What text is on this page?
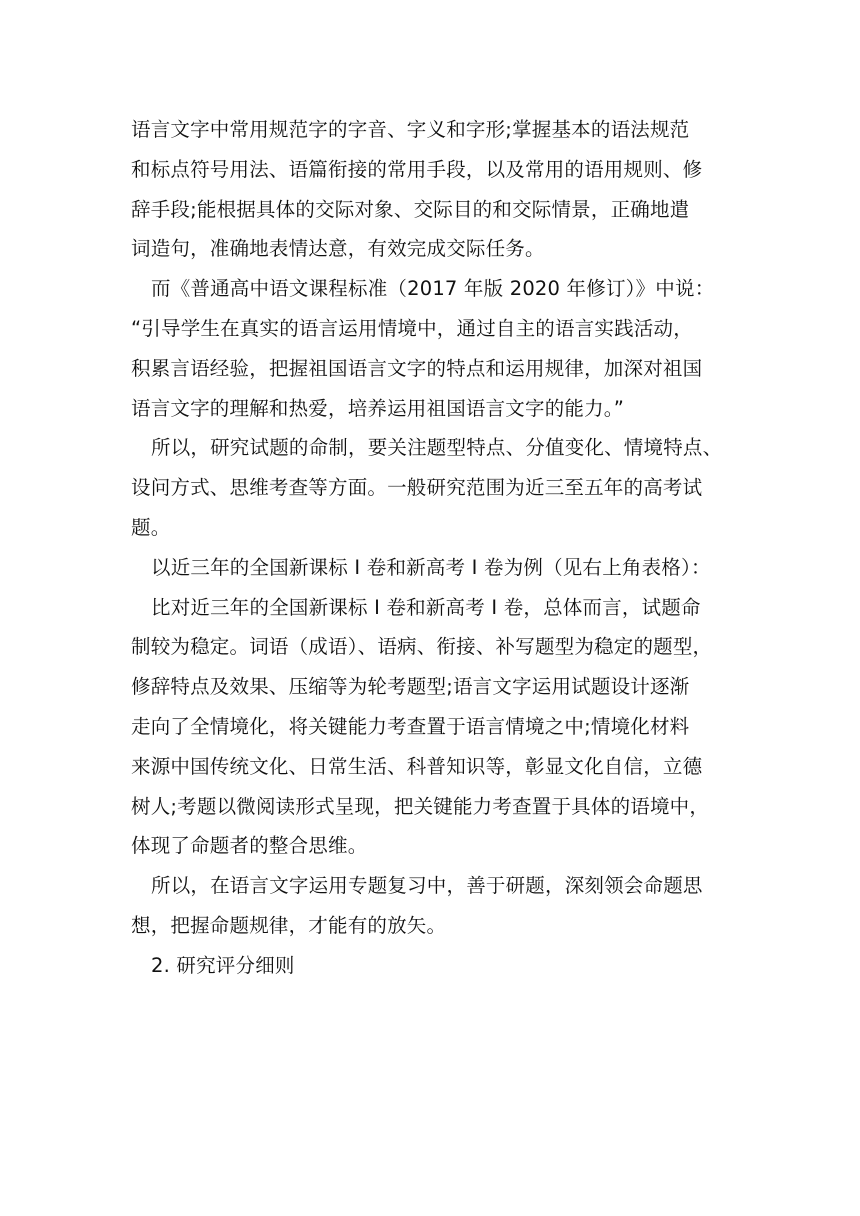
语言文字中常用规范字的字音、字义和字形;掌握基本的语法规范
和标点符号用法、语篇衔接的常用手段，以及常用的语用规则、修
辞手段;能根据具体的交际对象、交际目的和交际情景，正确地遣
词造句，准确地表情达意，有效完成交际任务。

而《普通高中语文课程标准（2017 年版 2020 年修订）》中说：
“引导学生在真实的语言运用情境中，通过自主的语言实践活动，
积累言语经验，把握祖国语言文字的特点和运用规律，加深对祖国
语言文字的理解和热爱，培养运用祖国语言文字的能力。”

所以，研究试题的命制，要关注题型特点、分值变化、情境特点、
设问方式、思维考查等方面。一般研究范围为近三至五年的高考试
题。

以近三年的全国新课标 I 卷和新高考 I 卷为例（见右上角表格）：

比对近三年的全国新课标 I 卷和新高考 I 卷，总体而言，试题命
制较为稳定。词语（成语）、语病、衔接、补写题型为稳定的题型，
修辞特点及效果、压缩等为轮考题型;语言文字运用试题设计逐渐
走向了全情境化，将关键能力考查置于语言情境之中;情境化材料
来源中国传统文化、日常生活、科普知识等，彰显文化自信，立德
树人;考题以微阅读形式呈现，把关键能力考查置于具体的语境中，
体现了命题者的整合思维。

所以，在语言文字运用专题复习中，善于研题，深刻领会命题思
想，把握命题规律，才能有的放矢。

2. 研究评分细则
